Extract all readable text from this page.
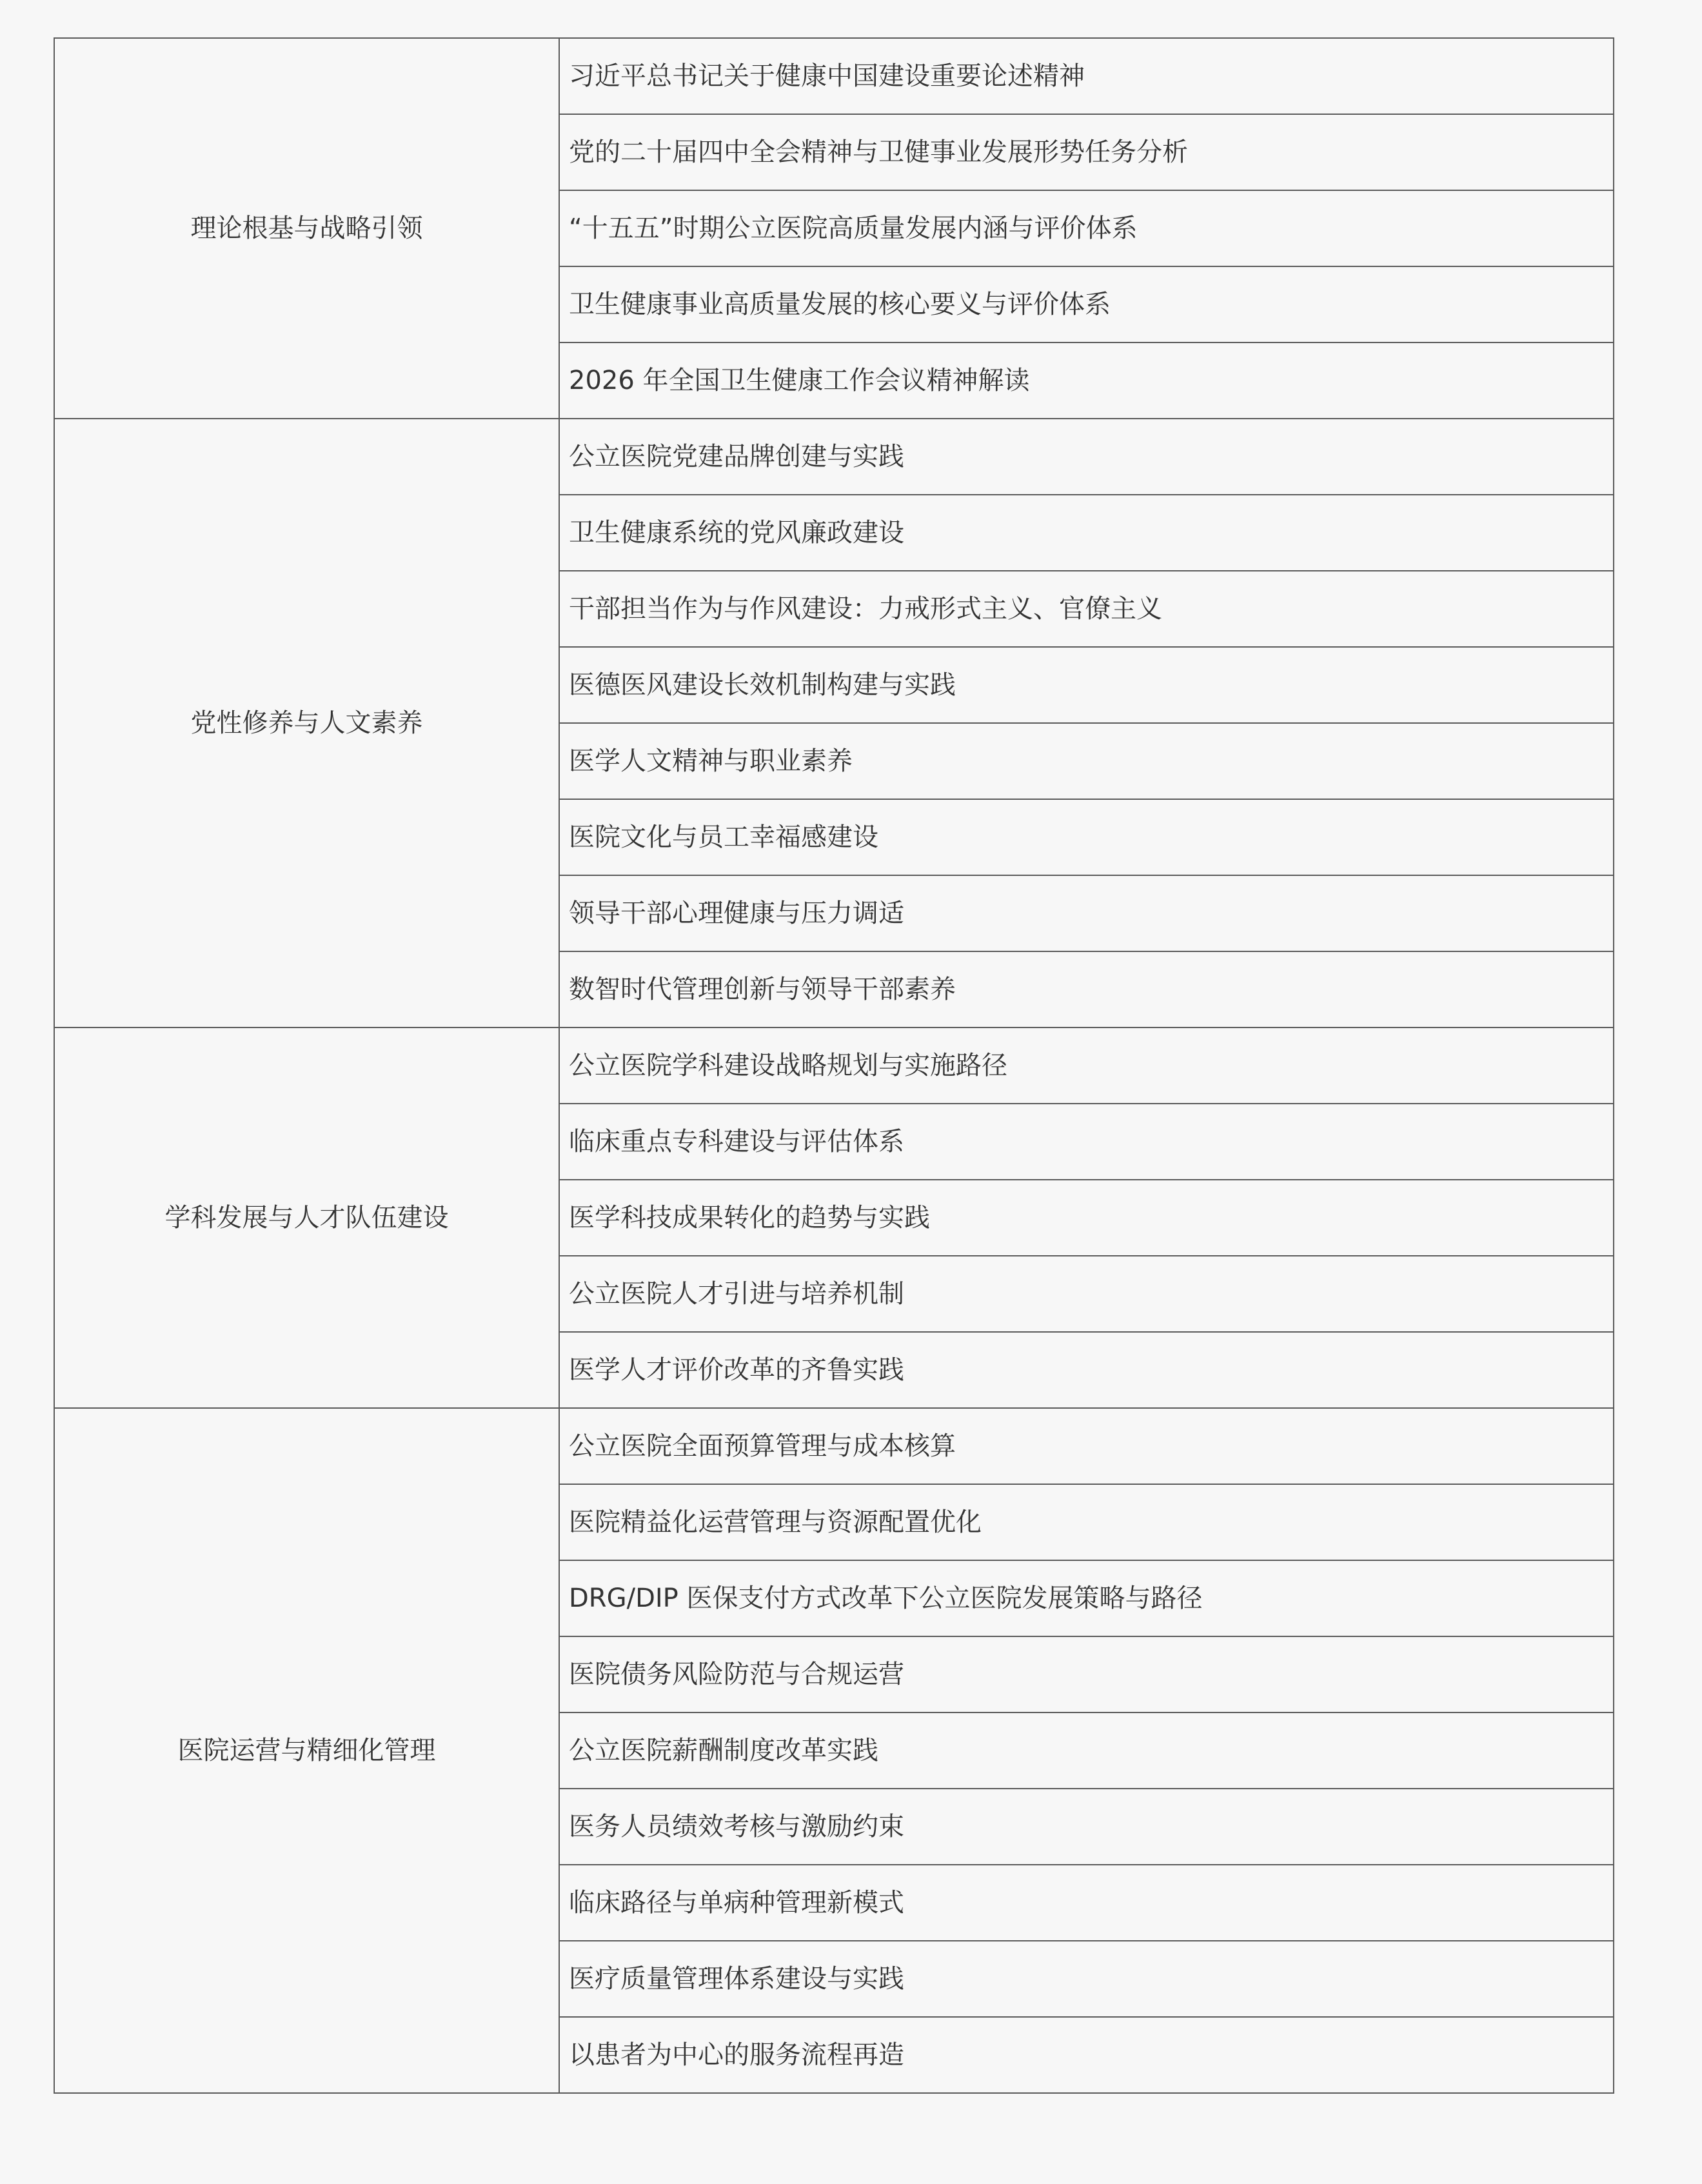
理论根基与战略引领	习近平总书记关于健康中国建设重要论述精神
	党的二十届四中全会精神与卫健事业发展形势任务分析
	“十五五”时期公立医院高质量发展内涵与评价体系
	卫生健康事业高质量发展的核心要义与评价体系
	2026 年全国卫生健康工作会议精神解读
党性修养与人文素养	公立医院党建品牌创建与实践
	卫生健康系统的党风廉政建设
	干部担当作为与作风建设：力戒形式主义、官僚主义
	医德医风建设长效机制构建与实践
	医学人文精神与职业素养
	医院文化与员工幸福感建设
	领导干部心理健康与压力调适
	数智时代管理创新与领导干部素养
学科发展与人才队伍建设	公立医院学科建设战略规划与实施路径
	临床重点专科建设与评估体系
	医学科技成果转化的趋势与实践
	公立医院人才引进与培养机制
	医学人才评价改革的齐鲁实践
医院运营与精细化管理	公立医院全面预算管理与成本核算
	医院精益化运营管理与资源配置优化
	DRG/DIP 医保支付方式改革下公立医院发展策略与路径
	医院债务风险防范与合规运营
	公立医院薪酬制度改革实践
	医务人员绩效考核与激励约束
	临床路径与单病种管理新模式
	医疗质量管理体系建设与实践
	以患者为中心的服务流程再造
